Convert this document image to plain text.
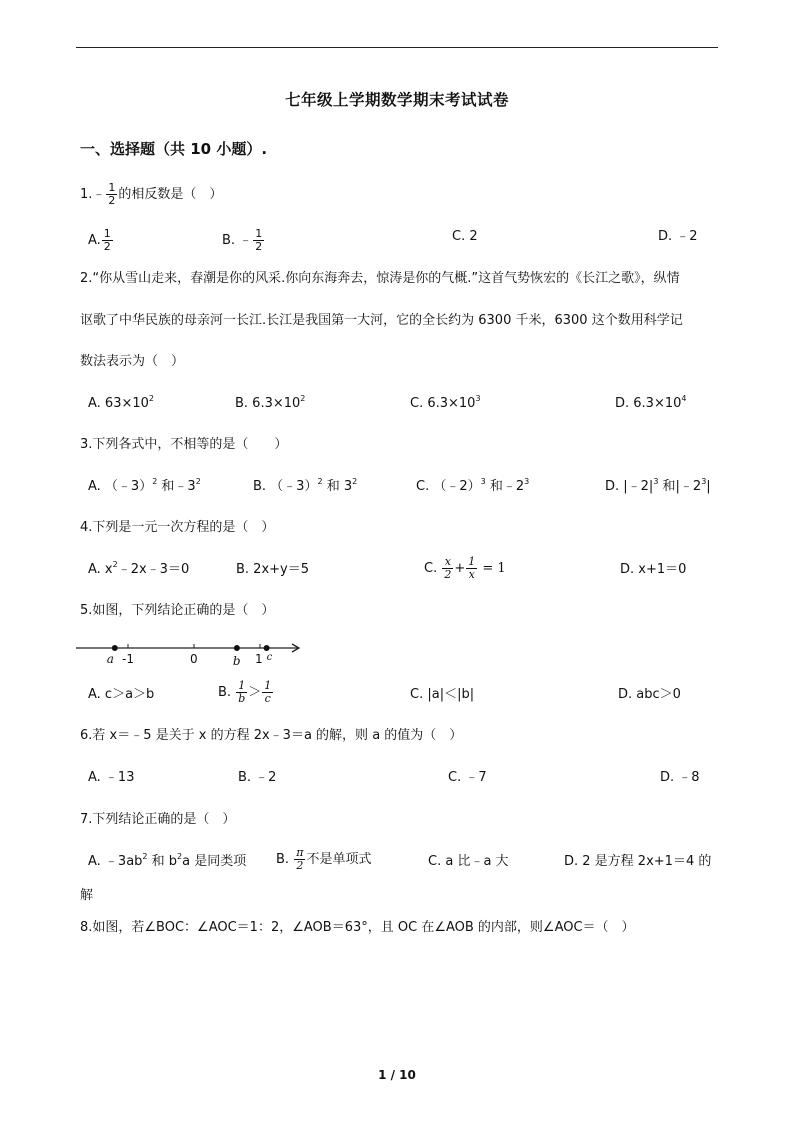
七年级上学期数学期末考试试卷
一、选择题（共 10 小题）.
1.﹣ $\frac{1}{2}$ 的相反数是（　）
A. $\frac{1}{2}$	B. ﹣ $\frac{1}{2}$	C. 2	D. ﹣2
2.“你从雪山走来，春潮是你的风采.你向东海奔去，惊涛是你的气概.”这首气势恢宏的《长江之歌》，纵情
讴歌了中华民族的母亲河一长江.长江是我国第一大河，它的全长约为 6300 千米，6300 这个数用科学记
数法表示为（　）
A. $63\times 10^2$	B. $6.3\times 10^2$	C. $6.3\times 10^3$	D. $6.3\times 10^4$
3.下列各式中，不相等的是（　　）
A. （﹣3）$^2$ 和$﹣3^2$	B. （﹣3）$^2$ 和 $3^2$	C. （﹣2）$^3$ 和$﹣2^3$	D. $|﹣2|^3$ 和$|﹣2^3|$
4.下列是一元一次方程的是（　）
A. $x^2﹣2x﹣3=0$	B. 2x+y＝5	C. $\frac{x}{2} + \frac{1}{x} = 1$	D. x+1＝0
5.如图，下列结论正确的是（　）
a -1	0	b 1 c
A. c＞a＞b	B. $\frac{1}{b} > \frac{1}{c}$	C. |a|＜|b|	D. abc＞0
6.若 x＝﹣5 是关于 x 的方程 2x﹣3＝a 的解，则 a 的值为（　）
A. ﹣13	B. ﹣2	C. ﹣7	D. ﹣8
7.下列结论正确的是（　）
A. $﹣3ab^2$ 和 $b^2a$ 是同类项 B. $\frac{\pi}{2}$ 不是单项式	C. a 比﹣a 大	D. 2 是方程 2x+1＝4 的
解
8.如图，若∠BOC：∠AOC＝1：2，∠AOB＝63°，且 OC 在∠AOB 的内部，则∠AOC＝（　）
1 / 10
